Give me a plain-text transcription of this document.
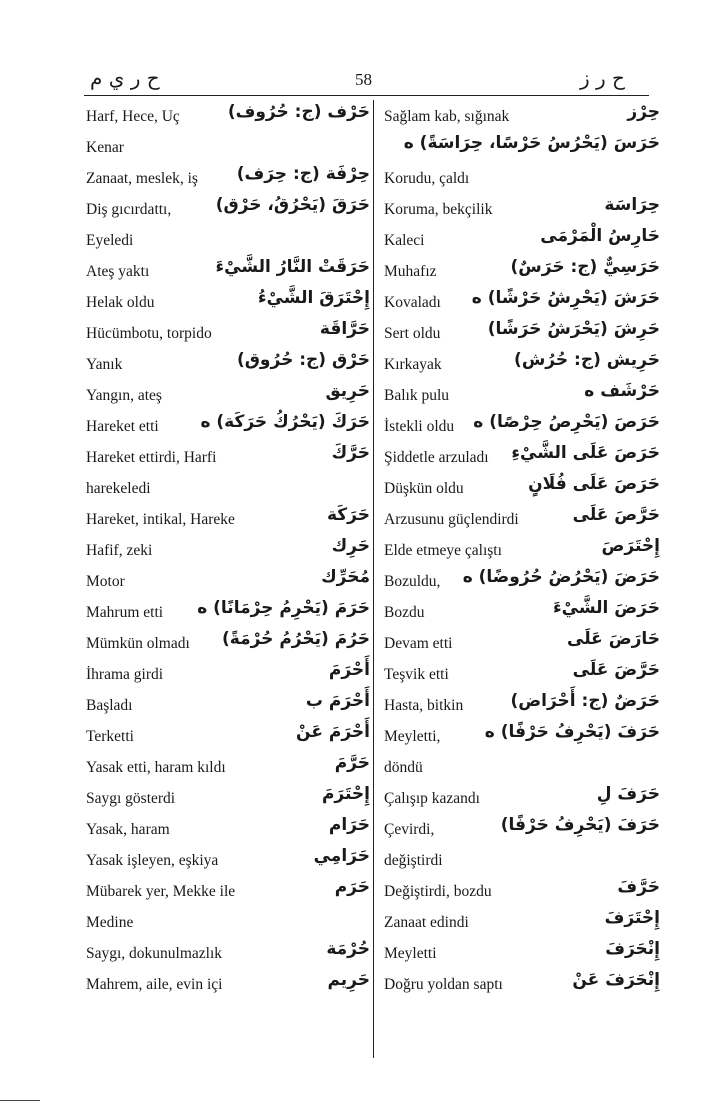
ح ر ي م	58	ح ر ز
Harf, Hece, Uç	حَرْف (ج: حُرُوف)
Kenar
Zanaat, meslek, iş حِرْفَة (ج: حِرَف)
Diş gıcırdattı,	حَرَقَ (يَحْرُقُ، حَرْق)
Eyeledi
Ateş yaktı	حَرَقَتْ النَّارُ الشَّيْءَ
Helak oldu	إِحْتَرَقَ الشَّيْءُ
Hücümbotu, torpido	حَرَّاقَة
Yanık	حَرْق (ج: حُرُوق)
Yangın, ateş	حَرِيق
Hareket etti حَرَكَ (يَحْرُكُ حَرَكَة) ه
Hareket ettirdi, Harfi	حَرَّكَ
harekeledi
Hareket, intikal, Hareke	حَرَكَة
Hafif, zeki	حَرِك
Motor	مُحَرِّك
Mahrum etti حَرَمَ (يَحْرِمُ حِرْمَانًا) ه
Mümkün olmadı حَرُمَ (يَحْرُمُ حُرْمَةً)
İhrama girdi	أَحْرَمَ
Başladı	أَحْرَمَ ب
Terketti	أَحْرَمَ عَنْ
Yasak etti, haram kıldı	حَرَّمَ
Saygı gösterdi	إِحْتَرَمَ
Yasak, haram	حَرَام
Yasak işleyen, eşkiya	حَرَامِي
Mübarek yer, Mekke ile	حَرَم
Medine
Saygı, dokunulmazlık	حُرْمَة
Mahrem, aile, evin içi	حَرِيم
Sağlam kab, sığınak	حِرْز
حَرَسَ (يَحْرُسُ حَرْسًا، حِرَاسَةً) ه
Korudu, çaldı
Koruma, bekçilik	حِرَاسَة
Kaleci	حَارِسُ الْمَرْمَى
Muhafız	حَرَسِيٌّ (ج: حَرَسٌ)
Kovaladı حَرَشَ (يَحْرِشُ حَرْشًا) ه
Sert oldu	حَرِشَ (يَحْرَشُ حَرَشًا)
Kırkayak	حَرِيش (ج: حُرُش)
Balık pulu	حَرْشَف ه
İstekli oldu حَرَصَ (يَحْرِصُ حِرْصًا) ه
Şiddetle arzuladı حَرَصَ عَلَى الشَّيْءِ
Düşkün oldu	حَرَصَ عَلَى فُلَانٍ
Arzusunu güçlendirdi	حَرَّصَ عَلَى
Elde etmeye çalıştı	إِحْتَرَصَ
Bozuldu, حَرَضَ (يَحْرُضُ حُرُوضًا) ه
Bozdu	حَرَضَ الشَّيْءَ
Devam etti	حَارَضَ عَلَى
Teşvik etti	حَرَّضَ عَلَى
Hasta, bitkin	حَرَضٌ (ج: أَحْرَاض)
Meyletti,	حَرَفَ (يَحْرِفُ حَرْفًا) ه
döndü
Çalışıp kazandı	حَرَفَ لِ
Çevirdi,	حَرَفَ (يَحْرِفُ حَرْفًا)
değiştirdi
Değiştirdi, bozdu	حَرَّفَ
Zanaat edindi	إِحْتَرَفَ
Meyletti	إِنْحَرَفَ
Doğru yoldan saptı	إِنْحَرَفَ عَنْ
